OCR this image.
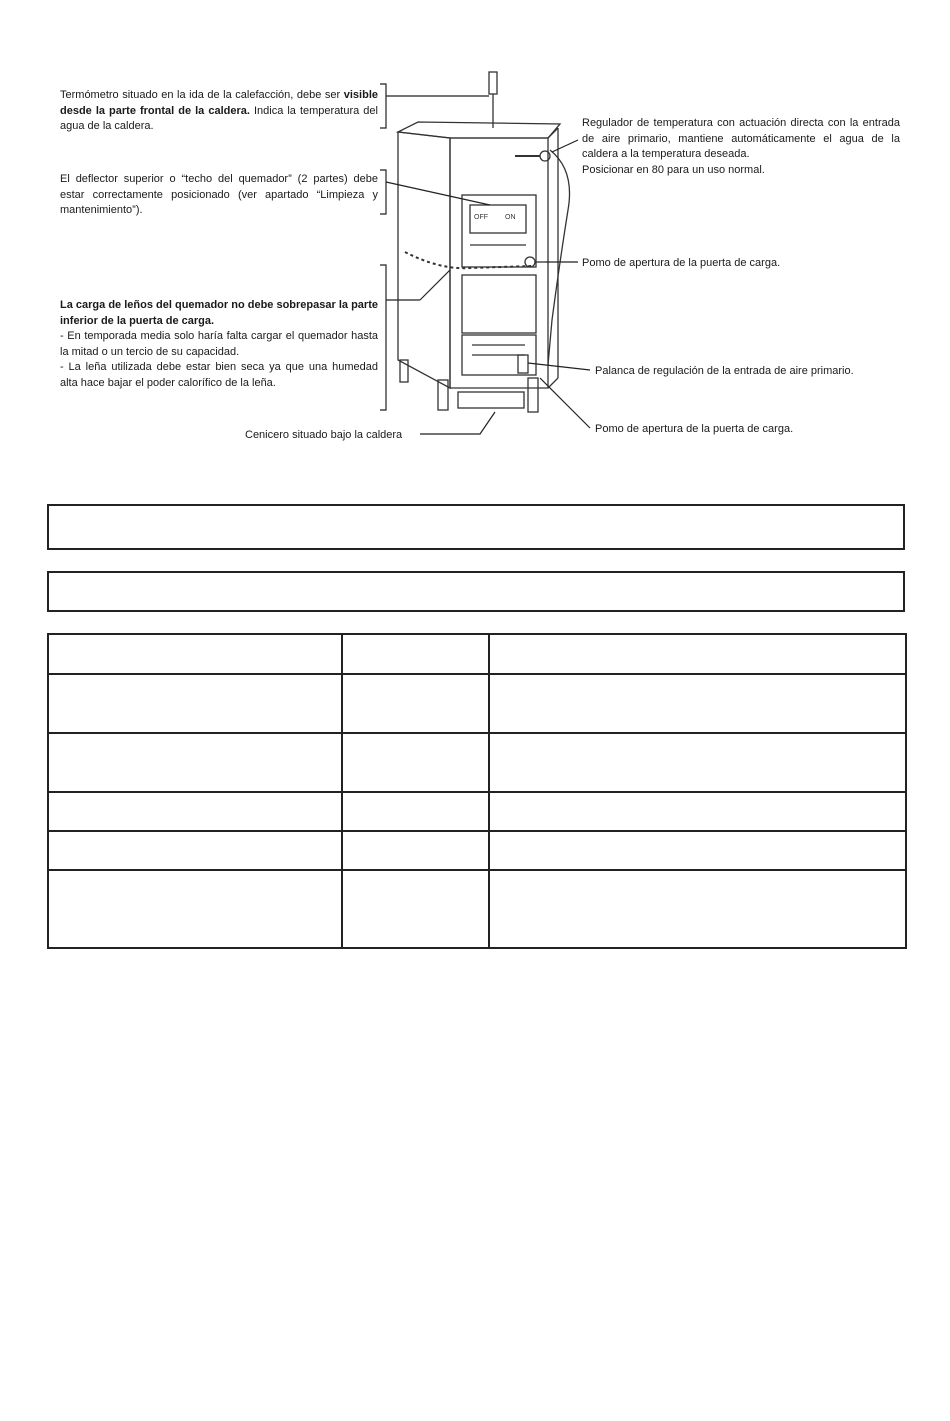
OFF ON
Termómetro situado en la ida de la calefacción, debe ser visible desde la parte frontal de la caldera. Indica la temperatura del agua de la caldera.
El deflector superior o “techo del quemador” (2 partes) debe estar correctamente posicionado (ver apartado “Limpieza y mantenimiento”).
La carga de leños del quemador no debe sobrepasar la parte inferior de la puerta de carga.
- En temporada media solo haría falta cargar el quemador hasta la mitad o un tercio de su capacidad.
- La leña utilizada debe estar bien seca ya que una humedad alta hace bajar el poder calorífico de la leña.
Regulador de temperatura con actuación directa con la entrada de aire primario, mantiene automáticamente el agua de la caldera a la temperatura deseada.
Posicionar en 80 para un uso normal.
Pomo de apertura de la puerta de carga.
Palanca de regulación de la entrada de aire primario.
Pomo de apertura de la puerta de carga.
Cenicero situado bajo la caldera
